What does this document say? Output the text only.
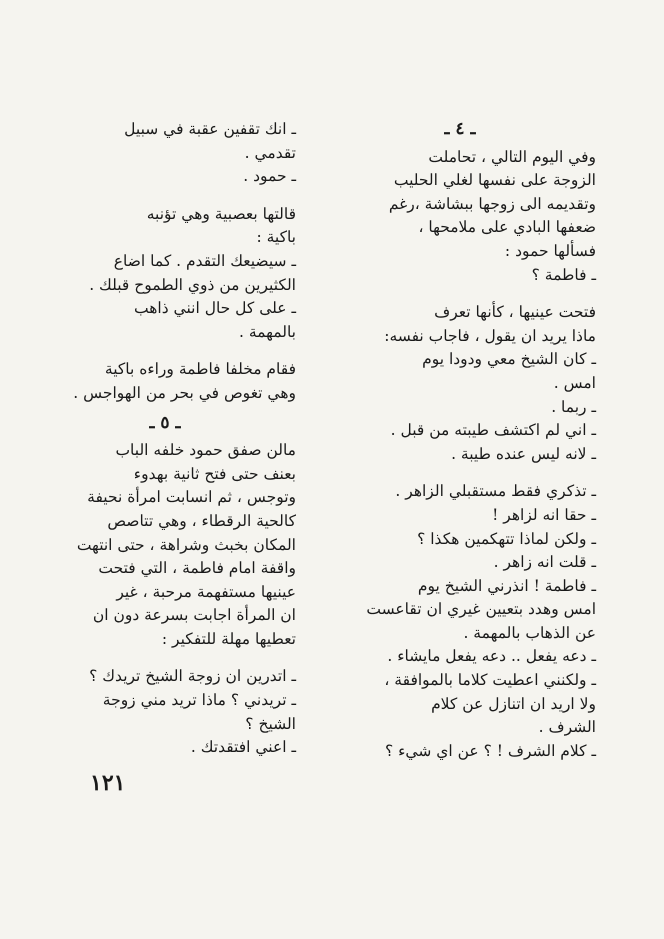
ـ ٤ ـ

وفي اليوم التالي ، تحاملت

الزوجة على نفسها لغلي الحليب

وتقديمه الى زوجها ببشاشة ،رغم

ضعفها البادي على ملامحها ،

فسألها حمود :

ـ فاطمة ؟

فتحت عينيها ، كأنها تعرف

ماذا يريد ان يقول ، فاجاب نفسه:

ـ كان الشيخ معي ودودا يوم

امس .

ـ ربما .

ـ اني لم اكتشف طيبته من قبل .

ـ لانه ليس عنده طيبة .

ـ تذكري فقط مستقبلي الزاهر .

ـ حقا انه لزاهر !

ـ ولكن لماذا تتهكمين هكذا ؟

ـ قلت انه زاهر .

ـ فاطمة ! انذرني الشيخ يوم

امس وهدد بتعيين غيري ان تقاعست

عن الذهاب بالمهمة .

ـ دعه يفعل .. دعه يفعل مايشاء .

ـ ولكنني اعطيت كلاما بالموافقة ،

ولا اريد ان اتنازل عن كلام

الشرف .

ـ كلام الشرف ! ؟ عن اي شيء ؟

ـ انك تقفين عقبة في سبيل

تقدمي .

ـ حمود .

قالتها بعصبية وهي تؤنبه

باكية :

ـ سيضيعك التقدم . كما اضاع

الكثيرين من ذوي الطموح قبلك .

ـ على كل حال انني ذاهب

بالمهمة .

فقام مخلفا فاطمة وراءه باكية

وهي تغوص في بحر من الهواجس .

ـ ٥ ـ

مالن صفق حمود خلفه الباب

بعنف حتى فتح ثانية بهدوء

وتوجس ، ثم انسابت امرأة نحيفة

كالحية الرقطاء ، وهي تتاصص

المكان بخبث وشراهة ، حتى انتهت

واقفة امام فاطمة ، التي فتحت

عينيها مستفهمة مرحبة ، غير

ان المرأة اجابت بسرعة دون ان

تعطيها مهلة للتفكير :

ـ اتدرين ان زوجة الشيخ تريدك ؟

ـ تريدني ؟ ماذا تريد مني زوجة

الشيخ ؟

ـ اعني افتقدتك .

١٢١
